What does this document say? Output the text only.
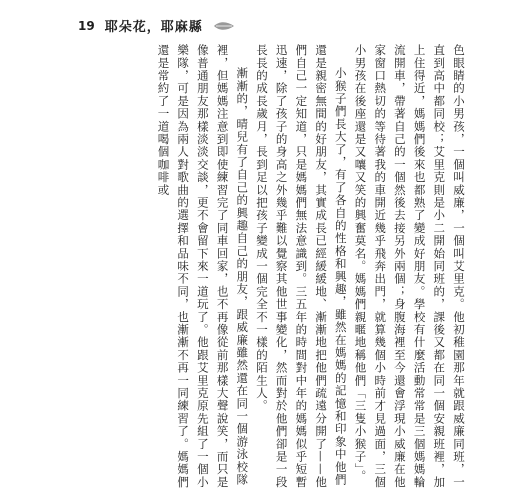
19 耶朵花，耶麻縣

色眼睛的小男孩，一個叫威廉，一個叫艾里克。他初稚園那年就跟威廉同班，一直到高中都同校；艾里克則是小二開始同班的，課後又都在同一個安親班裡，加上住得近，媽媽們後來也都熟了變成好朋友。學校有什麼活動常常是三個媽媽輪流開車，帶著自己的一個然後去接另外兩個；身腹海裡至今還會浮現小威廉在他家窗口熱切的等待著我的車開近幾乎飛奔出門，就算幾個小時前才見過面，三個小男孩在後座還是又嚷又笑的興奮莫名。媽媽們親暱地稱他們「三隻小猴子」。

小猴子們長大了，有了各自的性格和興趣，雖然在媽媽的記憶和印象中他們還是親密無間的好朋友，其實成長已經緩緩地、漸漸地把他們疏遠分開了——他們自己一定知道，只是媽媽們無法意識到。三五年的時間對中年的媽媽似乎短暫迅速，除了孩子的身高之外幾乎難以覺察其他世事變化，然而對於他們卻是一段長長的成長歲月，長到足以把孩子變成一個完全不一樣的陌生人。

漸漸的，晴兒有了自己的興趣自己的朋友，跟威廉雖然還在同一個游泳校隊裡，但媽媽注意到即使練習完了同車回家，也不再像從前那樣大聲說笑，而只是像普通朋友那樣淡淡交談，更不會留下來一道玩了。他跟艾里克原先組了一個小樂隊，可是因為兩人對歌曲的選擇和品味不同，也漸漸不再一同練習了。媽媽們還是常約了一道喝個咖啡或
